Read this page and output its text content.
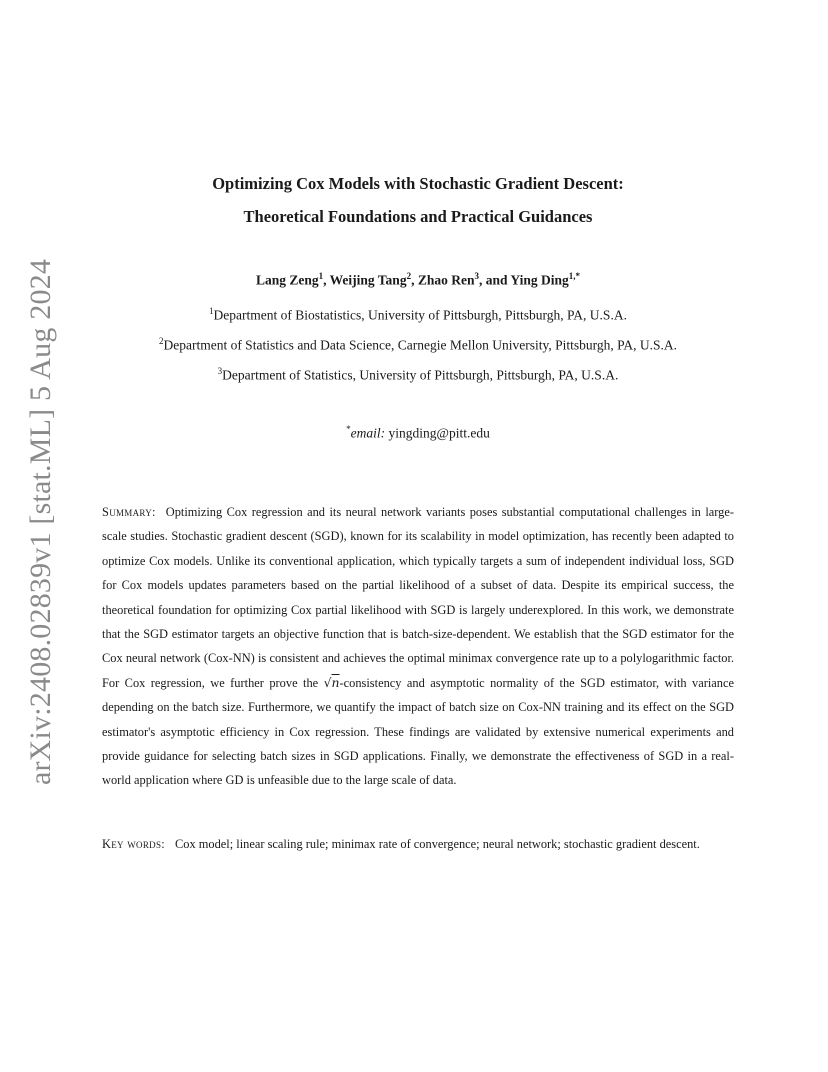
arXiv:2408.02839v1 [stat.ML] 5 Aug 2024
Optimizing Cox Models with Stochastic Gradient Descent:
Theoretical Foundations and Practical Guidances
Lang Zeng$^1$, Weijing Tang$^2$, Zhao Ren$^3$, and Ying Ding$^{1,*}$
$^1$Department of Biostatistics, University of Pittsburgh, Pittsburgh, PA, U.S.A.
$^2$Department of Statistics and Data Science, Carnegie Mellon University, Pittsburgh, PA, U.S.A.
$^3$Department of Statistics, University of Pittsburgh, Pittsburgh, PA, U.S.A.
*email: yingding@pitt.edu

Summary: Optimizing Cox regression and its neural network variants poses substantial computational challenges in large-scale studies. Stochastic gradient descent (SGD), known for its scalability in model optimization, has recently been adapted to optimize Cox models. Unlike its conventional application, which typically targets a sum of independent individual loss, SGD for Cox models updates parameters based on the partial likelihood of a subset of data. Despite its empirical success, the theoretical foundation for optimizing Cox partial likelihood with SGD is largely underexplored. In this work, we demonstrate that the SGD estimator targets an objective function that is batch-size-dependent. We establish that the SGD estimator for the Cox neural network (Cox-NN) is consistent and achieves the optimal minimax convergence rate up to a polylogarithmic factor. For Cox regression, we further prove the √n-consistency and asymptotic normality of the SGD estimator, with variance depending on the batch size. Furthermore, we quantify the impact of batch size on Cox-NN training and its effect on the SGD estimator's asymptotic efficiency in Cox regression. These findings are validated by extensive numerical experiments and provide guidance for selecting batch sizes in SGD applications. Finally, we demonstrate the effectiveness of SGD in a real-world application where GD is unfeasible due to the large scale of data.

Key words: Cox model; linear scaling rule; minimax rate of convergence; neural network; stochastic gradient descent.
